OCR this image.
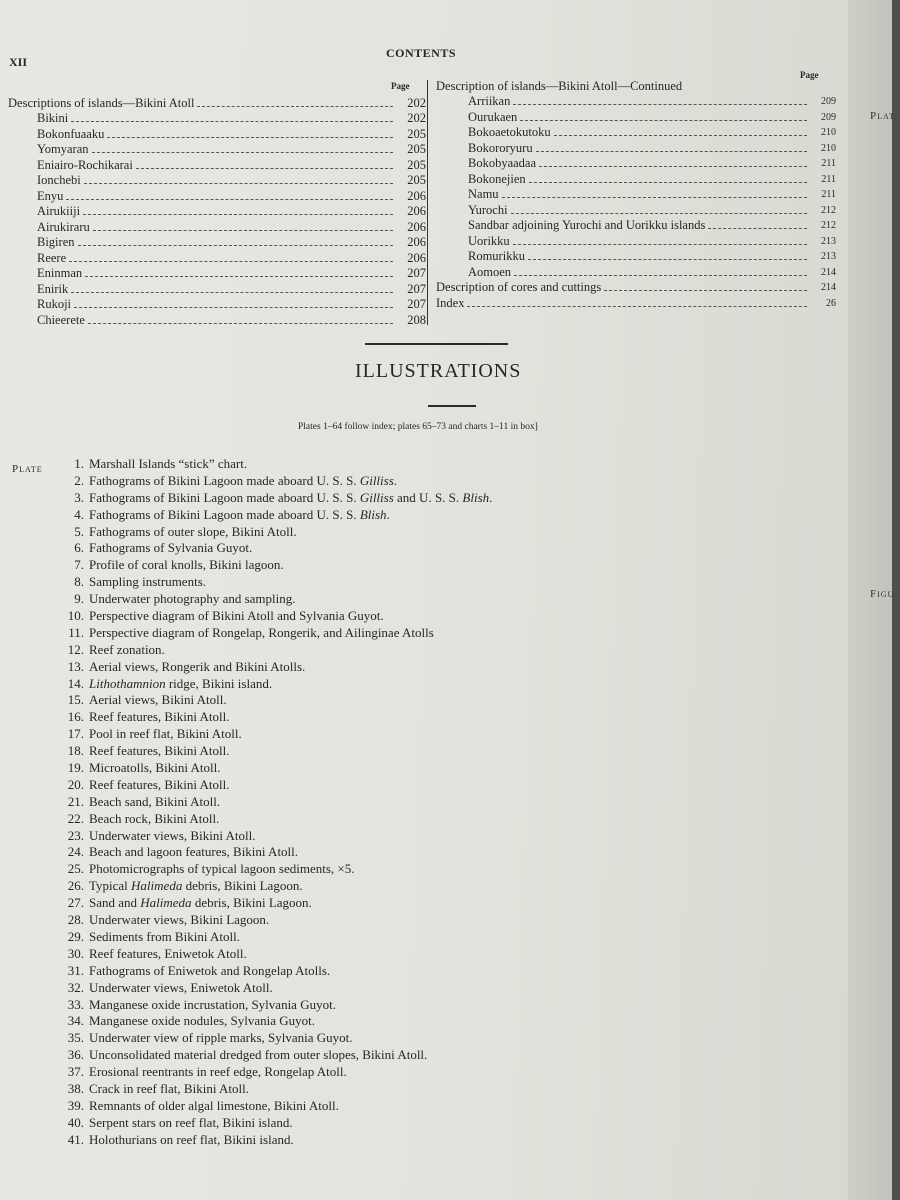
XII
CONTENTS
Page
Page
Descriptions of islands—Bikini Atoll	202
Bikini	202
Bokonfuaaku	205
Yomyaran	205
Eniairo-Rochikarai	205
Ionchebi	205
Enyu	206
Airukiiji	206
Airukiraru	206
Bigiren	206
Reere	206
Eninman	207
Enirik	207
Rukoji	207
Chieerete	208
Description of islands—Bikini Atoll—Continued
Arriikan	209
Ourukaen	209
Bokoaetokutoku	210
Bokororyuru	210
Bokobyaadaa	211
Bokonejien	211
Namu	211
Yurochi	212
Sandbar adjoining Yurochi and Uorikku islands	212
Uorikku	213
Romurikku	213
Aomoen	214
Description of cores and cuttings	214
Index	26
ILLUSTRATIONS
Plates 1–64 follow index; plates 65–73 and charts 1–11 in box]
Plate	1. Marshall Islands “stick” chart.
2. Fathograms of Bikini Lagoon made aboard U. S. S. Gilliss.
3. Fathograms of Bikini Lagoon made aboard U. S. S. Gilliss and U. S. S. Blish.
4. Fathograms of Bikini Lagoon made aboard U. S. S. Blish.
5. Fathograms of outer slope, Bikini Atoll.
6. Fathograms of Sylvania Guyot.
7. Profile of coral knolls, Bikini lagoon.
8. Sampling instruments.
9. Underwater photography and sampling.
10. Perspective diagram of Bikini Atoll and Sylvania Guyot.
11. Perspective diagram of Rongelap, Rongerik, and Ailinginae Atolls
12. Reef zonation.
13. Aerial views, Rongerik and Bikini Atolls.
14. Lithothamnion ridge, Bikini island.
15. Aerial views, Bikini Atoll.
16. Reef features, Bikini Atoll.
17. Pool in reef flat, Bikini Atoll.
18. Reef features, Bikini Atoll.
19. Microatolls, Bikini Atoll.
20. Reef features, Bikini Atoll.
21. Beach sand, Bikini Atoll.
22. Beach rock, Bikini Atoll.
23. Underwater views, Bikini Atoll.
24. Beach and lagoon features, Bikini Atoll.
25. Photomicrographs of typical lagoon sediments, ×5.
26. Typical Halimeda debris, Bikini Lagoon.
27. Sand and Halimeda debris, Bikini Lagoon.
28. Underwater views, Bikini Lagoon.
29. Sediments from Bikini Atoll.
30. Reef features, Eniwetok Atoll.
31. Fathograms of Eniwetok and Rongelap Atolls.
32. Underwater views, Eniwetok Atoll.
33. Manganese oxide incrustation, Sylvania Guyot.
34. Manganese oxide nodules, Sylvania Guyot.
35. Underwater view of ripple marks, Sylvania Guyot.
36. Unconsolidated material dredged from outer slopes, Bikini Atoll.
37. Erosional reentrants in reef edge, Rongelap Atoll.
38. Crack in reef flat, Bikini Atoll.
39. Remnants of older algal limestone, Bikini Atoll.
40. Serpent stars on reef flat, Bikini island.
41. Holothurians on reef flat, Bikini island.
Plat
Figu
